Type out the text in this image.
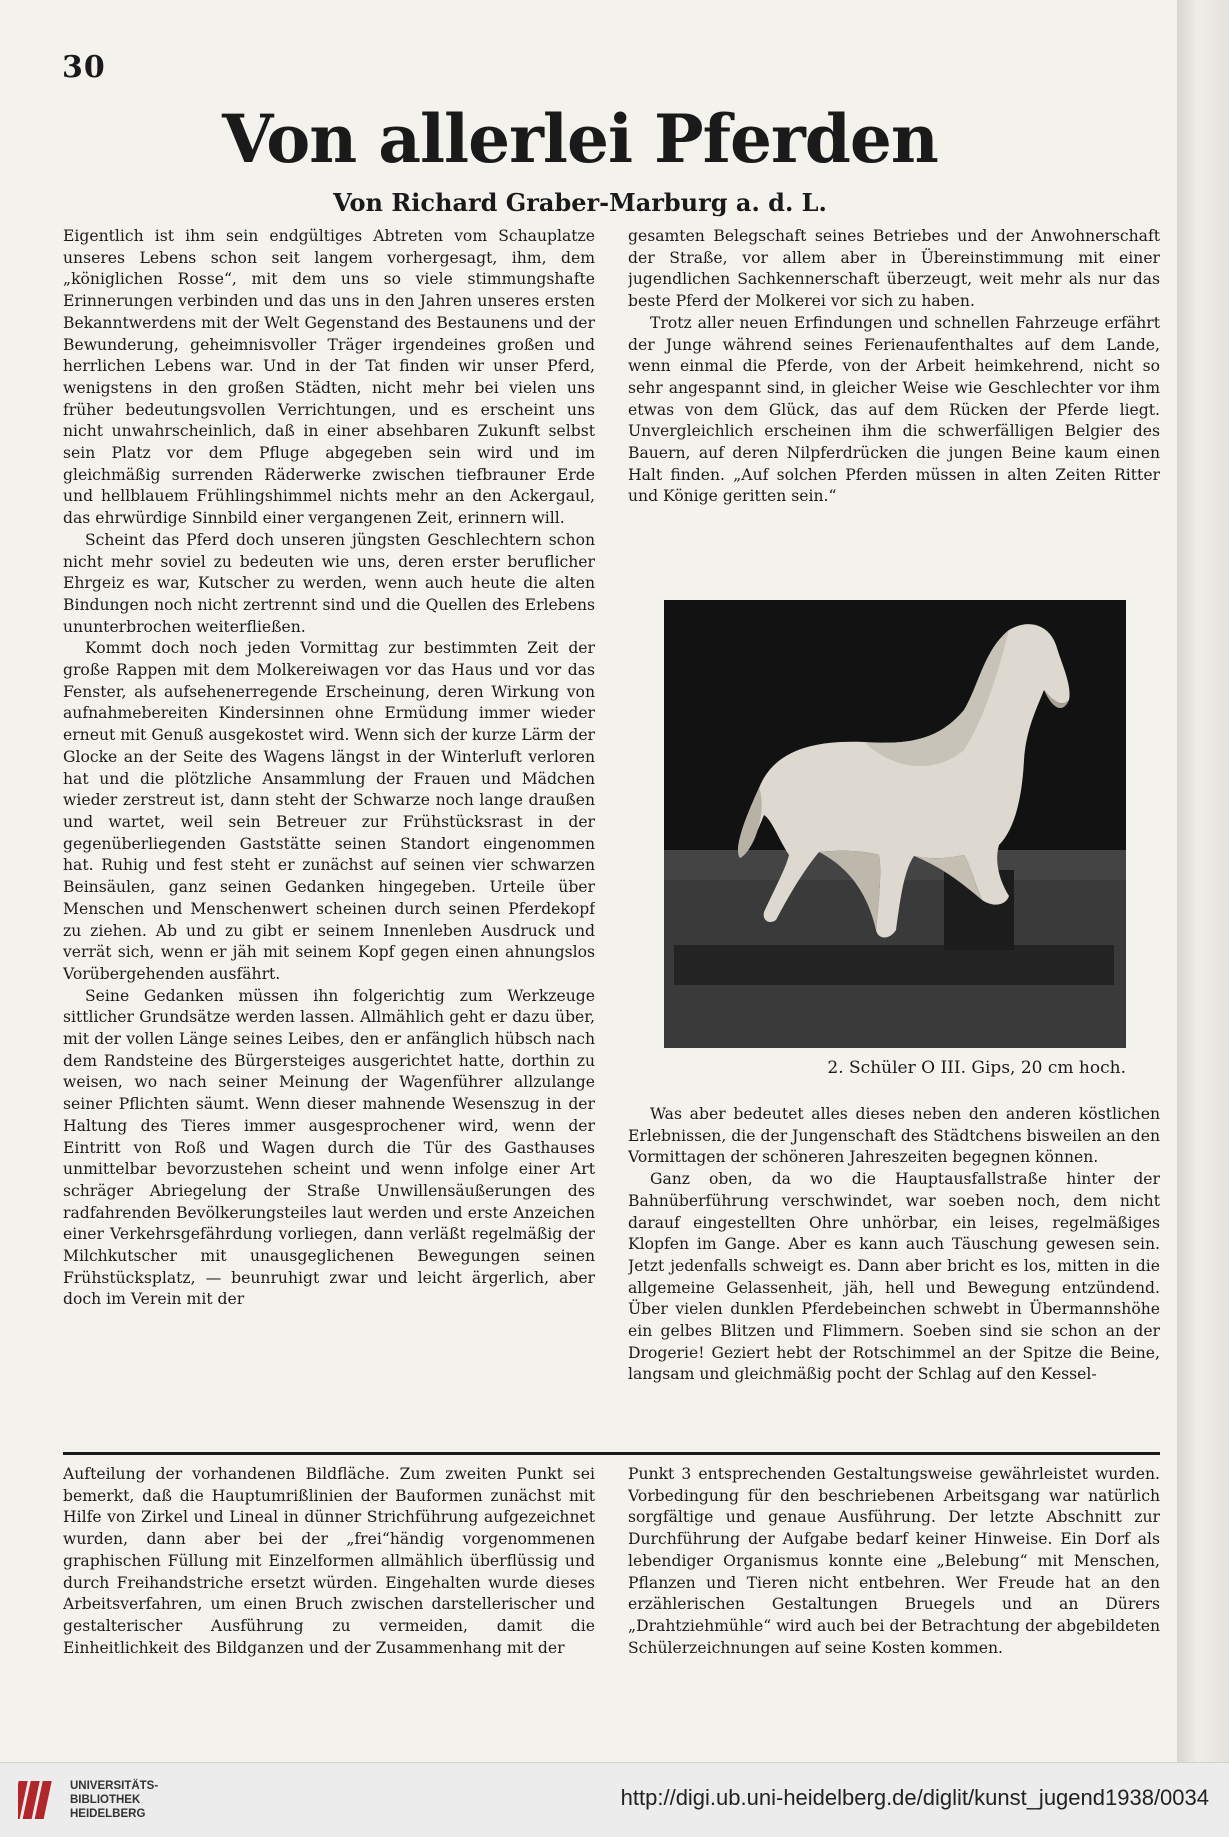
30
Von allerlei Pferden
Von Richard Graber-Marburg a. d. L.

Eigentlich ist ihm sein endgültiges Abtreten vom Schauplatze unseres Lebens schon seit langem vorhergesagt, ihm, dem „königlichen Rosse“, mit dem uns so viele stimmungshafte Erinnerungen verbinden und das uns in den Jahren unseres ersten Bekanntwerdens mit der Welt Gegenstand des Bestaunens und der Bewunderung, geheimnisvoller Träger irgendeines großen und herrlichen Lebens war. Und in der Tat finden wir unser Pferd, wenigstens in den großen Städten, nicht mehr bei vielen uns früher bedeutungsvollen Verrichtungen, und es erscheint uns nicht unwahrscheinlich, daß in einer absehbaren Zukunft selbst sein Platz vor dem Pfluge abgegeben sein wird und im gleichmäßig surrenden Räderwerke zwischen tiefbrauner Erde und hellblauem Frühlingshimmel nichts mehr an den Ackergaul, das ehrwürdige Sinnbild einer vergangenen Zeit, erinnern will.

Scheint das Pferd doch unseren jüngsten Geschlechtern schon nicht mehr soviel zu bedeuten wie uns, deren erster beruflicher Ehrgeiz es war, Kutscher zu werden, wenn auch heute die alten Bindungen noch nicht zertrennt sind und die Quellen des Erlebens ununterbrochen weiterfließen.

Kommt doch noch jeden Vormittag zur bestimmten Zeit der große Rappen mit dem Molkereiwagen vor das Haus und vor das Fenster, als aufsehenerregende Erscheinung, deren Wirkung von aufnahmebereiten Kindersinnen ohne Ermüdung immer wieder erneut mit Genuß ausgekostet wird. Wenn sich der kurze Lärm der Glocke an der Seite des Wagens längst in der Winterluft verloren hat und die plötzliche Ansammlung der Frauen und Mädchen wieder zerstreut ist, dann steht der Schwarze noch lange draußen und wartet, weil sein Betreuer zur Frühstücksrast in der gegenüberliegenden Gaststätte seinen Standort eingenommen hat. Ruhig und fest steht er zunächst auf seinen vier schwarzen Beinsäulen, ganz seinen Gedanken hingegeben. Urteile über Menschen und Menschenwert scheinen durch seinen Pferdekopf zu ziehen. Ab und zu gibt er seinem Innenleben Ausdruck und verrät sich, wenn er jäh mit seinem Kopf gegen einen ahnungslos Vorübergehenden ausfährt.

Seine Gedanken müssen ihn folgerichtig zum Werkzeuge sittlicher Grundsätze werden lassen. Allmählich geht er dazu über, mit der vollen Länge seines Leibes, den er anfänglich hübsch nach dem Randsteine des Bürgersteiges ausgerichtet hatte, dorthin zu weisen, wo nach seiner Meinung der Wagenführer allzulange seiner Pflichten säumt. Wenn dieser mahnende Wesenszug in der Haltung des Tieres immer ausgesprochener wird, wenn der Eintritt von Roß und Wagen durch die Tür des Gasthauses unmittelbar bevorzustehen scheint und wenn infolge einer Art schräger Abriegelung der Straße Unwillensäußerungen des radfahrenden Bevölkerungsteiles laut werden und erste Anzeichen einer Verkehrsgefährdung vorliegen, dann verläßt regelmäßig der Milchkutscher mit unausgeglichenen Bewegungen seinen Frühstücksplatz, — beunruhigt zwar und leicht ärgerlich, aber doch im Verein mit der

gesamten Belegschaft seines Betriebes und der Anwohnerschaft der Straße, vor allem aber in Übereinstimmung mit einer jugendlichen Sachkennerschaft überzeugt, weit mehr als nur das beste Pferd der Molkerei vor sich zu haben.

Trotz aller neuen Erfindungen und schnellen Fahrzeuge erfährt der Junge während seines Ferienaufenthaltes auf dem Lande, wenn einmal die Pferde, von der Arbeit heimkehrend, nicht so sehr angespannt sind, in gleicher Weise wie Geschlechter vor ihm etwas von dem Glück, das auf dem Rücken der Pferde liegt. Unvergleichlich erscheinen ihm die schwerfälligen Belgier des Bauern, auf deren Nilpferdrücken die jungen Beine kaum einen Halt finden. „Auf solchen Pferden müssen in alten Zeiten Ritter und Könige geritten sein.“

2. Schüler O III. Gips, 20 cm hoch.

Was aber bedeutet alles dieses neben den anderen köstlichen Erlebnissen, die der Jungenschaft des Städtchens bisweilen an den Vormittagen der schöneren Jahreszeiten begegnen können.

Ganz oben, da wo die Hauptausfallstraße hinter der Bahnüberführung verschwindet, war soeben noch, dem nicht darauf eingestellten Ohre unhörbar, ein leises, regelmäßiges Klopfen im Gange. Aber es kann auch Täuschung gewesen sein. Jetzt jedenfalls schweigt es. Dann aber bricht es los, mitten in die allgemeine Gelassenheit, jäh, hell und Bewegung entzündend. Über vielen dunklen Pferdebeinchen schwebt in Übermannshöhe ein gelbes Blitzen und Flimmern. Soeben sind sie schon an der Drogerie! Geziert hebt der Rotschimmel an der Spitze die Beine, langsam und gleichmäßig pocht der Schlag auf den Kessel-

Aufteilung der vorhandenen Bildfläche. Zum zweiten Punkt sei bemerkt, daß die Hauptumrißlinien der Bauformen zunächst mit Hilfe von Zirkel und Lineal in dünner Strichführung aufgezeichnet wurden, dann aber bei der „frei“händig vorgenommenen graphischen Füllung mit Einzelformen allmählich überflüssig und durch Freihandstriche ersetzt würden. Eingehalten wurde dieses Arbeitsverfahren, um einen Bruch zwischen darstellerischer und gestalterischer Ausführung zu vermeiden, damit die Einheitlichkeit des Bildganzen und der Zusammenhang mit der

Punkt 3 entsprechenden Gestaltungsweise gewährleistet wurden. Vorbedingung für den beschriebenen Arbeitsgang war natürlich sorgfältige und genaue Ausführung. Der letzte Abschnitt zur Durchführung der Aufgabe bedarf keiner Hinweise. Ein Dorf als lebendiger Organismus konnte eine „Belebung“ mit Menschen, Pflanzen und Tieren nicht entbehren. Wer Freude hat an den erzählerischen Gestaltungen Bruegels und an Dürers „Drahtziehmühle“ wird auch bei der Betrachtung der abgebildeten Schülerzeichnungen auf seine Kosten kommen.

UNIVERSITÄTS-
BIBLIOTHEK
HEIDELBERG
http://digi.ub.uni-heidelberg.de/diglit/kunst_jugend1938/0034
